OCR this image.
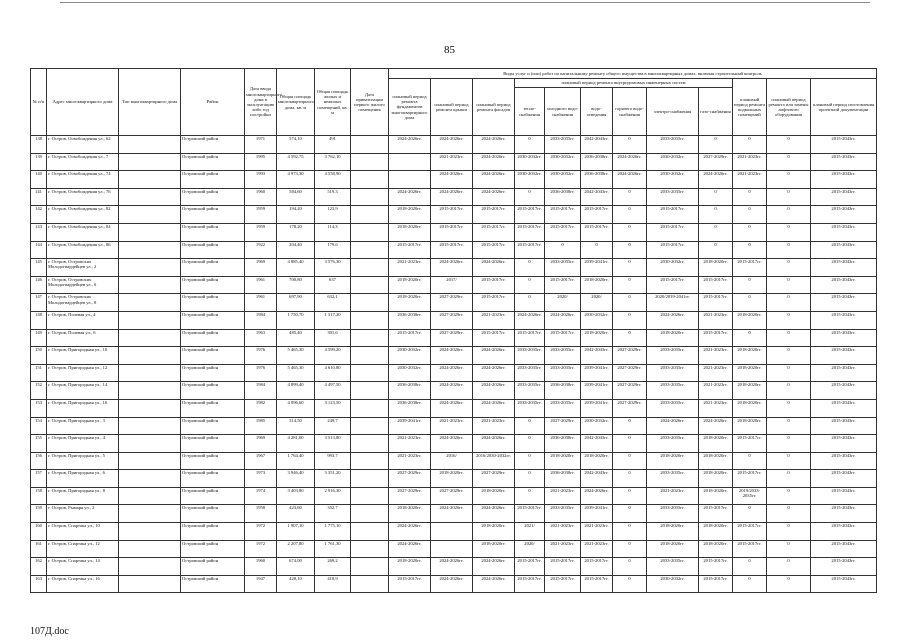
85
№ п/п	Адрес многоквартирного дома	Тип многоквартирного дома	Район	Дата ввода многоквартирного дома в эксплуатацию либо год постройки	Общая площадь многоквартирного дома, кв. м	Общая площадь жилых и нежилых помещений, кв. м	Дата приватизации первого жилого помещения	Виды услуг и (или) работ по капитальному ремонту общего имущества в многоквартирных домах, включая строительный контроль											
								плановый период ремонта фундаментов многоквартирного дома	плановый период ремонта крыши	плановый период ремонта фасадов	плановый период ремонта внутридомовых инженерных систем						плановый период ремонта подвальных помещений	плановый период ремонта или замены лифтового оборудования	плановый период изготовления проектной документации
											тепло-снабжения	холодного водо-снабжения	водо-отведения	горячего водо-снабжения	электро-снабжения	газо-снабжения			
138	г. Остров, Освобождения ул., 62		Островский район	1971	574,10	491		2024-2026гг.	2024-2026гг.	2024-2026гг.	0	2033-2035гг.	2042-2043гг.	0	2033-2035гг.	0	0	0	2015-2043гг.
139	г. Остров, Освобождения ул., 7		Островский район	1995	4 592,75	3 762,10			2021-2023гг.	2024-2026гг.	2030-2032гг.	2030-2032гг.	2036-2038гг.	2024-2026гг.	2030-2032гг.	2027-2029гг.	2021-2023гг.	0	2015-2043гг.
140	г. Остров, Освобождения ул., 74		Островский район	1993	4 973,30	4 558,90			2024-2026гг.	2024-2026гг.	2030-2032гг.	2030-2032гг.	2036-2038гг.	2024-2026гг.	2030-2032гг.	2024-2026гг.	2021-2023гг.	0	2015-2043гг.
141	г. Остров, Освобождения ул., 76		Островский район	1960	584,60	519,3		2024-2026гг.	2024-2026гг.	2024-2026гг.	0	2036-2038гг.	2042-2043гг.	0	2033-2035гг.	0	0	0	2015-2043гг.
142	г. Остров, Освобождения ул., 82		Островский район	1959	194,20	123,9		2018-2020гг.	2015-2017гг.	2015-2017гг.	2015-2017гг.	2015-2017гг.	2015-2017гг.	0	2015-2017гг.	0	0	0	2015-2043гг.
143	г. Остров, Освобождения ул., 84		Островский район	1959	178,20	114,3		2018-2020гг.	2015-2017гг.	2015-2017гг.	2015-2017гг.	2015-2017гг.	2015-2017гг.	0	2015-2017гг.	0	0	0	2015-2043гг.
144	г. Остров, Освобождения ул., 86		Островский район	1922	204,40	179,6		2015-2017гг.	2015-2017гг.	2015-2017гг.	2015-2017гг.	0	0	0	2015-2017гг.	0	0	0	2015-2043гг.
145	г. Остров, Островских Молодогвардейцев ул., 2		Островский район	1969	4 885,40	3 576,30		2021-2023гг.	2024-2026гг.	2024-2026гг.	0	2033-2035гг.	2039-2041гг.	0	2030-2032гг.	2018-2020гг.	2015-2017гг.	0	2015-2043гг.
146	г. Остров, Островских Молодогвардейцев ул., 6		Островский район	1961	700,80	637		2018-2020гг.	2017/	2015-2017гг.	0	2015-2017гг.	2018-2020гг.	0	2015-2017гг.	2015-2017гг.	0	0	2015-2043гг.
147	г. Остров, Островских Молодогвардейцев ул., 8		Островский район	1961	697,90	632,1		2018-2020гг.	2027-2029гг.	2015-2017гг.	0	2020/	2020/	0	2020/2039-2041гг.	2015-2017гг.	0	0	2015-2043гг.
148	г. Остров, Полевая ул., 4		Островский район	1984	1 750,70	1 317,20		2036-2038гг.	2027-2029гг.	2021-2023гг.	2024-2026гг.	2024-2026гг.	2030-2032гг.	0	2024-2026гг.	2021-2023гг.	2018-2020гг.	0	2015-2043гг.
149	г. Остров, Полевая ул., 6		Островский район	1963	485,40	391,6		2015-2017гг.	2027-2029гг.	2015-2017гг.	2015-2017гг.	2015-2017гг.	2018-2020гг.	0	2018-2020гг.	2015-2017гг.	0	0	2015-2043гг.
150	г. Остров, Пригородная ул., 10		Островский район	1976	5 465,30	4 599,20		2030-2032гг.	2024-2026гг.	2024-2026гг.	2033-2035гг.	2033-2035гг.	2042-2043гг.	2027-2029гг.	2033-2035гг.	2021-2023гг.	2018-2020гг.	0	2015-2043гг.
151	г. Остров, Пригородная ул., 12		Островский район	1976	5 465,30	4 610,80		2030-2032гг.	2024-2026гг.	2024-2026гг.	2033-2035гг.	2033-2035гг.	2039-2041гг.	2027-2029гг.	2033-2035гг.	2021-2023гг.	2018-2020гг.	0	2015-2043гг.
152	г. Остров, Пригородная ул., 14		Островский район	1984	4 899,40	4 497,50		2036-2038гг.	2024-2026гг.	2024-2026гг.	2033-2035гг.	2036-2038гг.	2039-2041гг.	2027-2029гг.	2033-2035гг.	2021-2023гг.	2018-2020гг.	0	2015-2043гг.
153	г. Остров, Пригородная ул., 16		Островский район	1982	4 096,60	3 123,50		2036-2038гг.	2024-2026гг.	2024-2026гг.	2033-2035гг.	2033-2035гг.	2039-2041гг.	2027-2029гг.	2033-2035гг.	2021-2023гг.	2018-2020гг.	0	2015-2043гг.
154	г. Остров, Пригородная ул., 3		Островский район	1985	314,50	249,7		2039-2041гг.	2021-2023гг.	2021-2023гг.	0	2027-2029гг.	2030-2032гг.	0	2024-2026гг.	2024-2026гг.	2018-2020гг.	0	2015-2043гг.
155	г. Остров, Пригородная ул., 4		Островский район	1969	4 281,00	3 513,80		2021-2023гг.	2024-2026гг.	2024-2026гг.	0	2036-2038гг.	2042-2043гг.	0	2033-2035гг.	2018-2020гг.	2015-2017гг.	0	2015-2043гг.
156	г. Остров, Пригородная ул., 5		Островский район	1967	1 764,40	993,7		2021-2023гг.	2016/	2016/2030-2032гг.	0	2018-2020гг.	2018-2020гг.	0	2018-2020гг.	2018-2020гг.	0	0	2015-2043гг.
157	г. Остров, Пригородная ул., 6		Островский район	1973	3 946,40	3 351,20		2027-2029гг.	2018-2020гг.	2027-2029гг.	0	2036-2038гг.	2042-2043гг.	0	2033-2035гг.	2018-2020гг.	2015-2017гг.	0	2015-2043гг.
158	г. Остров, Пригородная ул., 8		Островский район	1974	3 403,80	2 916,30		2027-2029гг.	2027-2029гг.	2018-2020гг.	0	2021-2023гг.	2024-2026гг.	0	2021-2023гг.	2018-2020гг.	2019/2033-2035гг.	0	2015-2043гг.
159	г. Остров, Рымаря ул., 2		Островский район	1958	423,60	352,7		2018-2020гг.	2024-2026гг.	2024-2026гг.	2015-2017гг.	2033-2035гг.	2039-2041гг.	0	2033-2035гг.	2015-2017гг.	0	0	2015-2043гг.
160	г. Остров, Спартака ул., 10		Островский район	1972	1 907,10	1 775,10		2024-2026гг.		2018-2020гг.	2021/	2021-2023гг.	2021-2023гг.	0	2018-2020гг.	2018-2020гг.	2015-2017гг.	0	2015-2043гг.
161	г. Остров, Спартака ул., 12		Островский район	1972	2 207,80	1 761,30		2024-2026гг.		2018-2020гг.	2020/	2021-2023гг.	2021-2023гг.	0	2018-2020гг.	2018-2020гг.	2015-2017гг.	0	2015-2043гг.
162	г. Остров, Спартака ул., 14		Островский район	1960	674,00	269,2		2018-2020гг.	2024-2026гг.	2024-2026гг.	2015-2017гг.	2015-2017гг.	2015-2017гг.	0	2033-2035гг.	2015-2017гг.	0	0	2015-2043гг.
163	г. Остров, Спартака ул., 16		Островский район	1947	428,10	418,9		2015-2017гг.	2024-2026гг.	2024-2026гг.	2015-2017гг.	2015-2017гг.	2015-2017гг.	0	2030-2032гг.	2015-2017гг.	0	0	2015-2043гг.
107Д.doc
